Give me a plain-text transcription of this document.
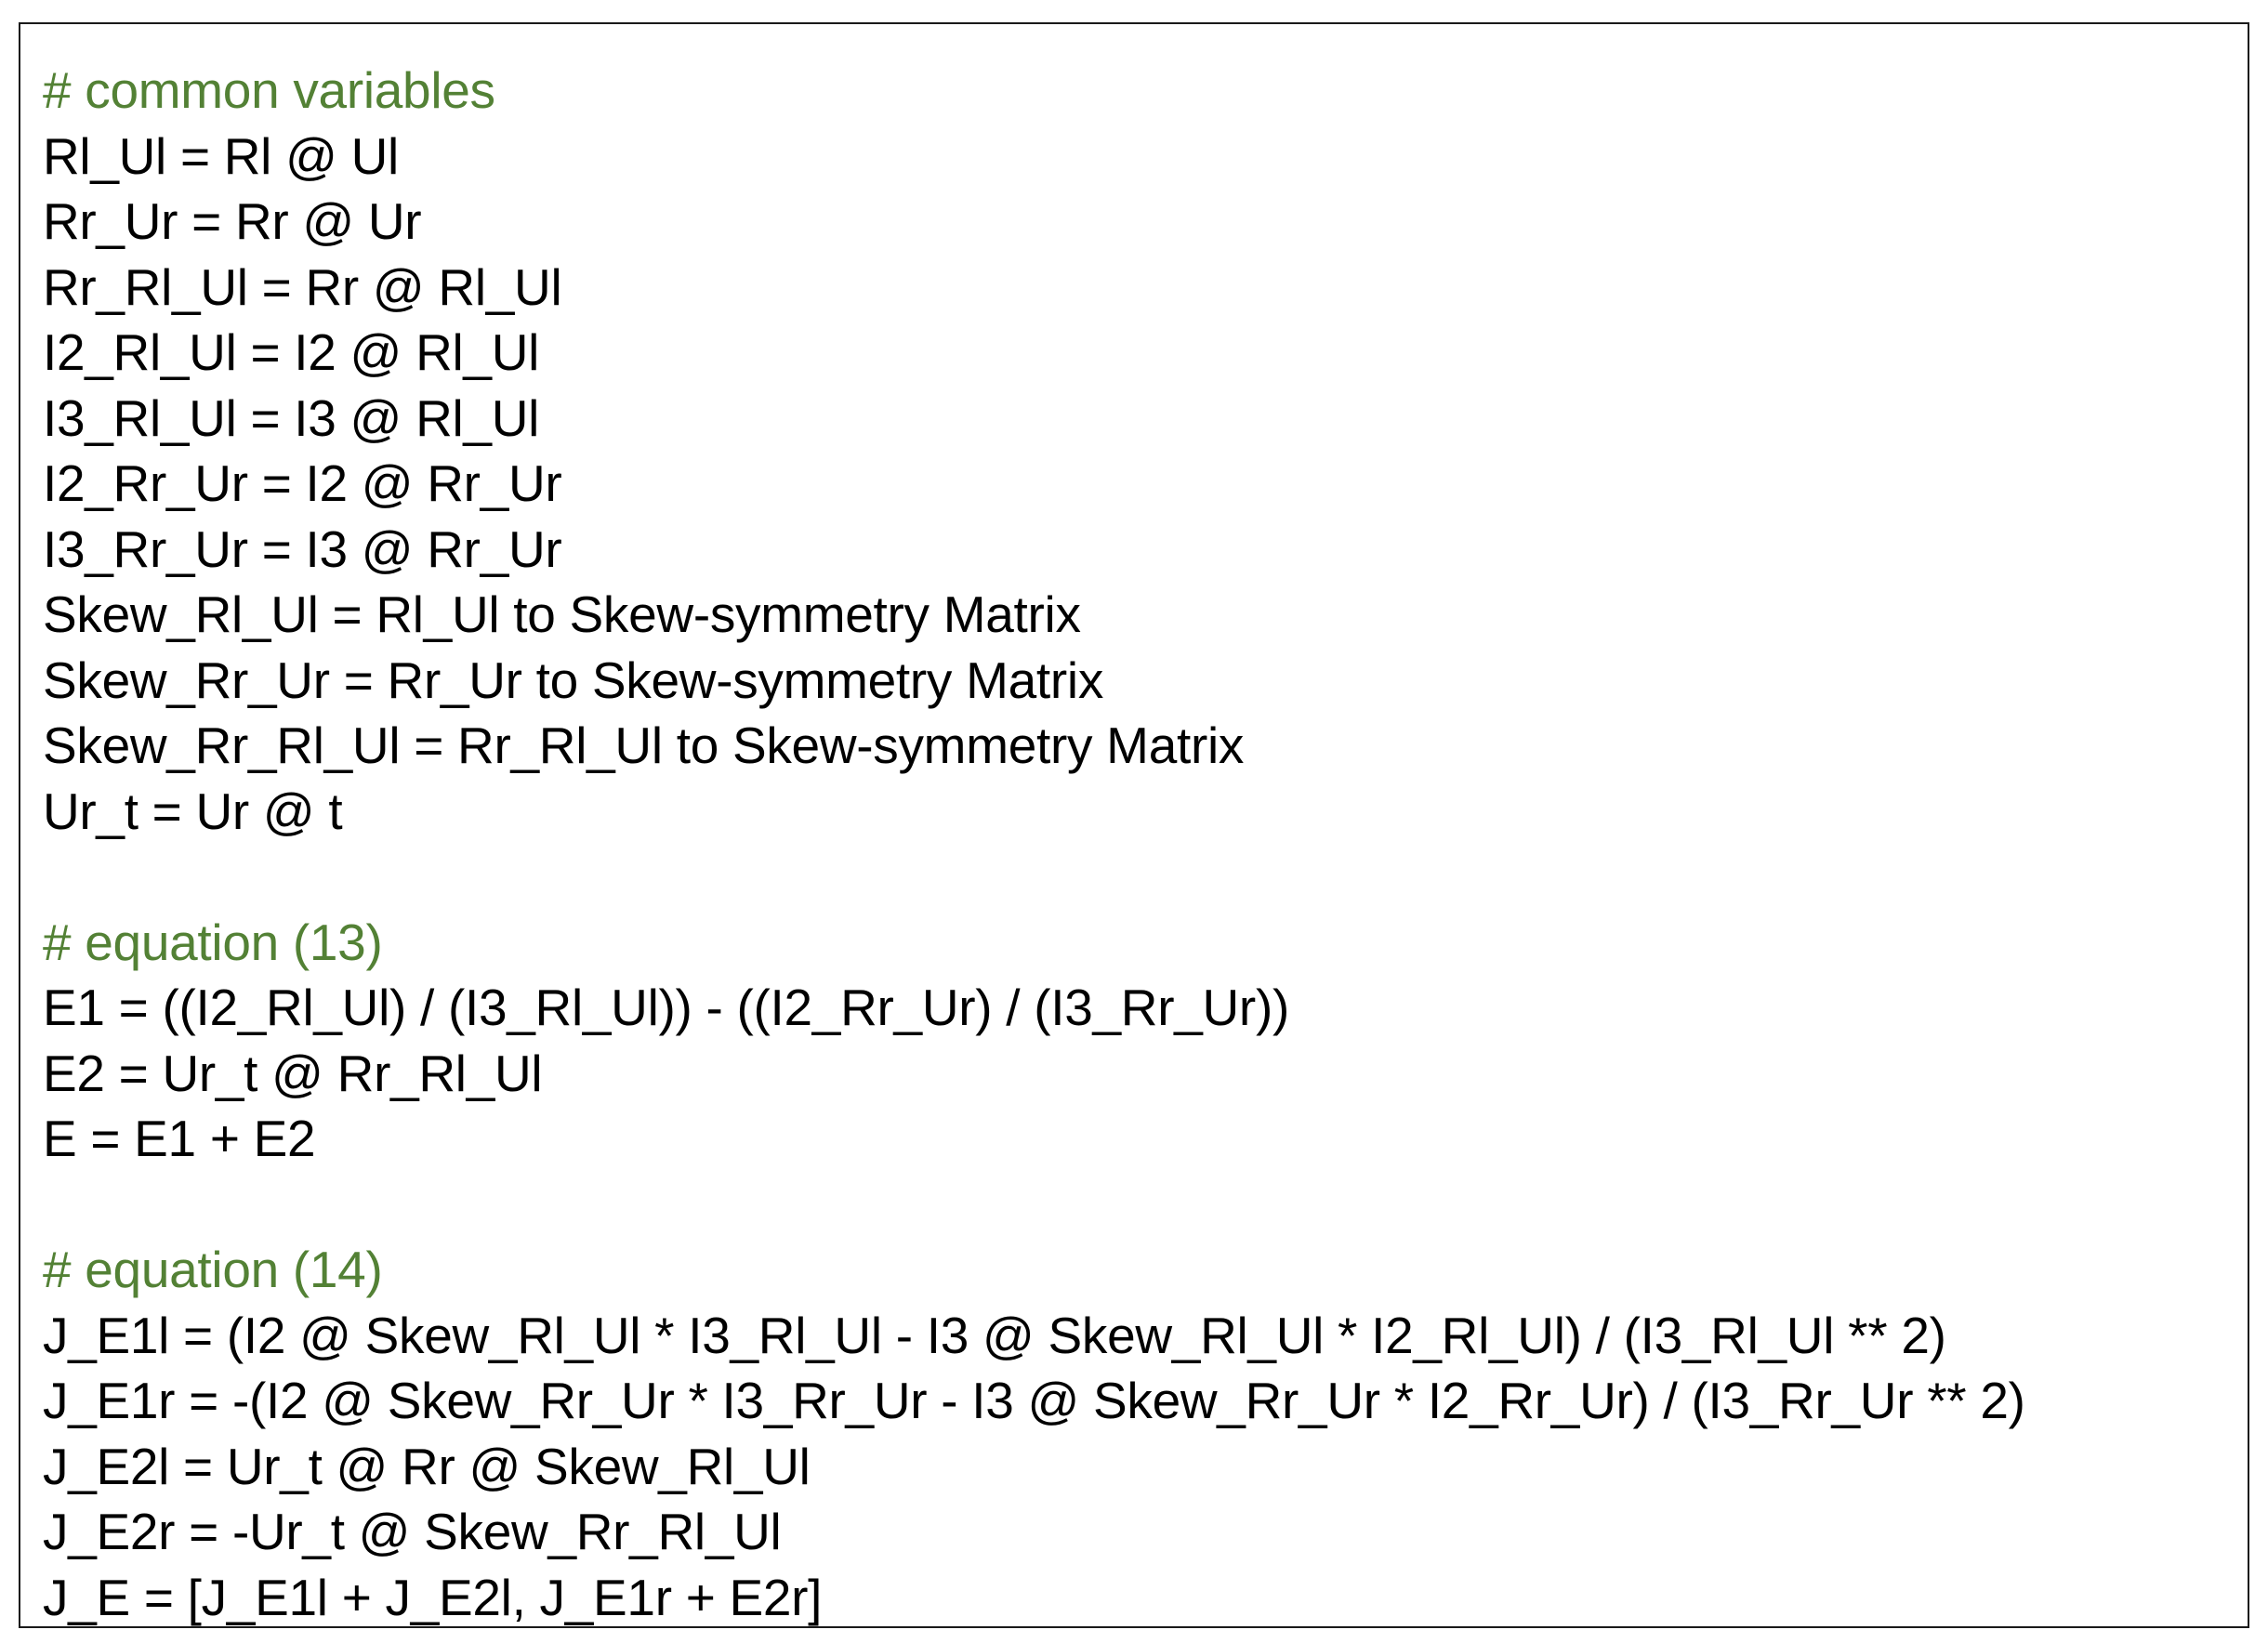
# common variables
Rl_Ul = Rl @ Ul
Rr_Ur = Rr @ Ur
Rr_Rl_Ul = Rr @ Rl_Ul
I2_Rl_Ul = I2 @ Rl_Ul
I3_Rl_Ul = I3 @ Rl_Ul
I2_Rr_Ur = I2 @ Rr_Ur
I3_Rr_Ur = I3 @ Rr_Ur
Skew_Rl_Ul = Rl_Ul to Skew-symmetry Matrix
Skew_Rr_Ur = Rr_Ur to Skew-symmetry Matrix
Skew_Rr_Rl_Ul = Rr_Rl_Ul to Skew-symmetry Matrix
Ur_t = Ur @ t
# equation (13)
E1 = ((I2_Rl_Ul) / (I3_Rl_Ul)) - ((I2_Rr_Ur) / (I3_Rr_Ur))
E2 = Ur_t @ Rr_Rl_Ul
E = E1 + E2
# equation (14)
J_E1l = (I2 @ Skew_Rl_Ul * I3_Rl_Ul - I3 @ Skew_Rl_Ul * I2_Rl_Ul) / (I3_Rl_Ul ** 2)
J_E1r = -(I2 @ Skew_Rr_Ur * I3_Rr_Ur - I3 @ Skew_Rr_Ur * I2_Rr_Ur) / (I3_Rr_Ur ** 2)
J_E2l = Ur_t @ Rr @ Skew_Rl_Ul
J_E2r = -Ur_t @ Skew_Rr_Rl_Ul
J_E = [J_E1l + J_E2l, J_E1r + E2r]
